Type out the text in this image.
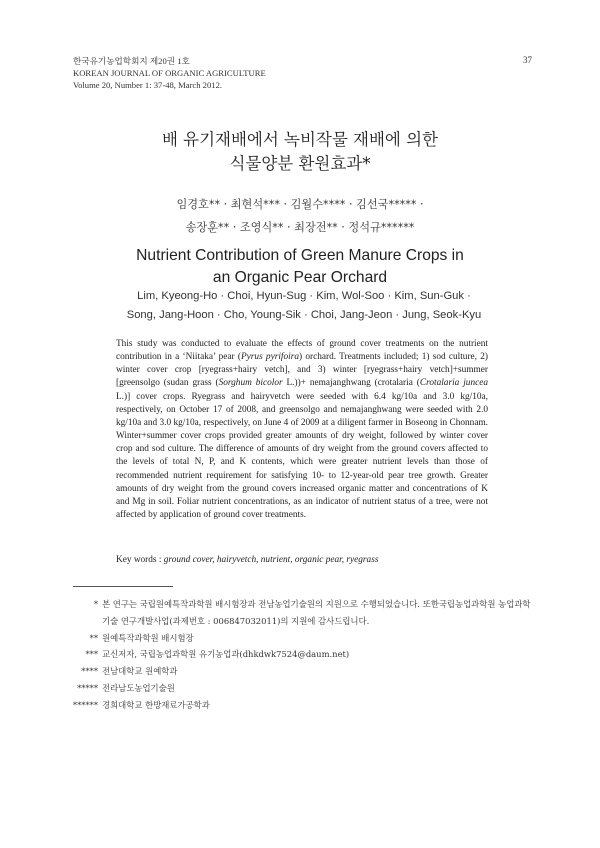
한국유기농업학회지 제20권 1호
KOREAN JOURNAL OF ORGANIC AGRICULTURE
Volume 20, Number 1: 37-48, March 2012.
37
배 유기재배에서 녹비작물 재배에 의한
식물양분 환원효과*
임경호** · 최현석*** · 김월수**** · 김선국***** ·
송장훈** · 조영식** · 최장전** · 정석규******
Nutrient Contribution of Green Manure Crops in
an Organic Pear Orchard
Lim, Kyeong-Ho · Choi, Hyun-Sug · Kim, Wol-Soo · Kim, Sun-Guk ·
Song, Jang-Hoon · Cho, Young-Sik · Choi, Jang-Jeon · Jung, Seok-Kyu
This study was conducted to evaluate the effects of ground cover treatments on the nutrient contribution in a ‘Niitaka’ pear (Pyrus pyrifoira) orchard. Treatments included; 1) sod culture, 2) winter cover crop [ryegrass+hairy vetch], and 3) winter [ryegrass+hairy vetch]+summer [greensolgo (sudan grass (Sorghum bicolor L.))+ nemajanghwang (crotalaria (Crotalaria juncea L.)] cover crops. Ryegrass and hairyvetch were seeded with 6.4 kg/10a and 3.0 kg/10a, respectively, on October 17 of 2008, and greensolgo and nemajanghwang were seeded with 2.0 kg/10a and 3.0 kg/10a, respectively, on June 4 of 2009 at a diligent farmer in Boseong in Chonnam. Winter+summer cover crops provided greater amounts of dry weight, followed by winter cover crop and sod culture. The difference of amounts of dry weight from the ground covers affected to the levels of total N, P, and K contents, which were greater nutrient levels than those of recommended nutrient requirement for satisfying 10- to 12-year-old pear tree growth. Greater amounts of dry weight from the ground covers increased organic matter and concentrations of K and Mg in soil. Foliar nutrient concentrations, as an indicator of nutrient status of a tree, were not affected by application of ground cover treatments.
Key words : ground cover, hairyvetch, nutrient, organic pear, ryegrass
* 본 연구는 국립원예특작과학원 배시험장과 전남농업기술원의 지원으로 수행되었습니다. 또한국립농업과학원 농업과학기술 연구개발사업(과제번호 : 006847032011)의 지원에 감사드립니다.
** 원예특작과학원 배시험장
*** 교신저자, 국립농업과학원 유기농업과(dhkdwk7524@daum.net)
**** 전남대학교 원예학과
***** 전라남도농업기술원
****** 경희대학교 한방재료가공학과
